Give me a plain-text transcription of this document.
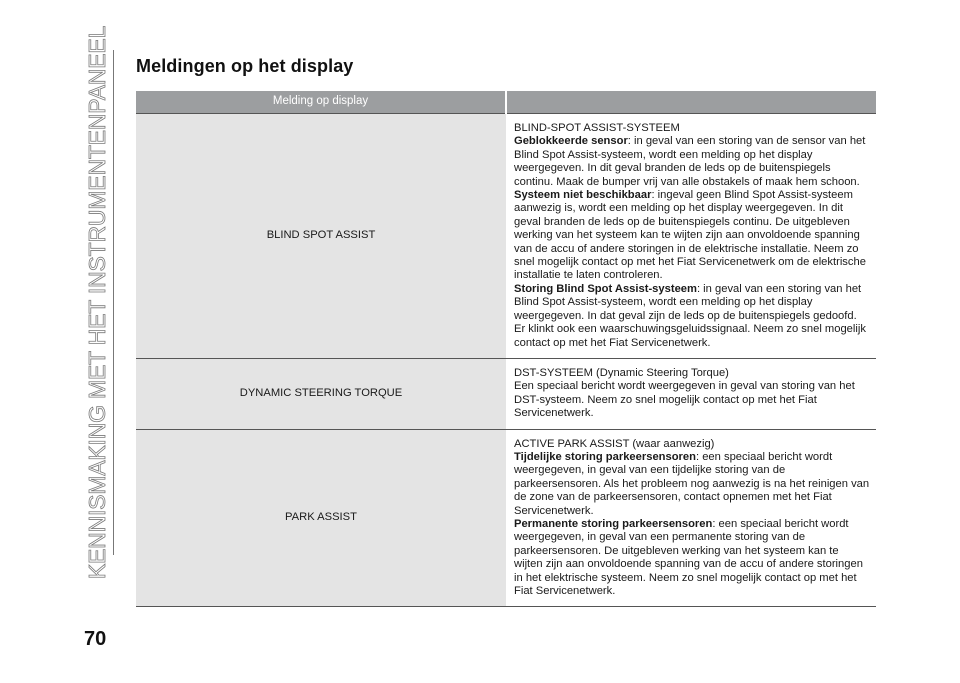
KENNISMAKING MET HET INSTRUMENTENPANEEL Meldingen op het display
Melding op display	
BLIND SPOT ASSIST	BLIND-SPOT ASSIST-SYSTEEM
Geblokkeerde sensor: in geval van een storing van de sensor van het Blind Spot Assist-systeem, wordt een melding op het display weergegeven. In dit geval branden de leds op de buitenspiegels continu. Maak de bumper vrij van alle obstakels of maak hem schoon.
Systeem niet beschikbaar: ingeval geen Blind Spot Assist-systeem aanwezig is, wordt een melding op het display weergegeven. In dit geval branden de leds op de buitenspiegels continu. De uitgebleven werking van het systeem kan te wijten zijn aan onvoldoende spanning van de accu of andere storingen in de elektrische installatie. Neem zo snel mogelijk contact op met het Fiat Servicenetwerk om de elektrische installatie te laten controleren.
Storing Blind Spot Assist-systeem: in geval van een storing van het Blind Spot Assist-systeem, wordt een melding op het display weergegeven. In dat geval zijn de leds op de buitenspiegels gedoofd. Er klinkt ook een waarschuwingsgeluidssignaal. Neem zo snel mogelijk contact op met het Fiat Servicenetwerk.

DYNAMIC STEERING TORQUE	DST-SYSTEEM (Dynamic Steering Torque)
Een speciaal bericht wordt weergegeven in geval van storing van het DST-systeem. Neem zo snel mogelijk contact op met het Fiat Servicenetwerk.

PARK ASSIST	ACTIVE PARK ASSIST (waar aanwezig)
Tijdelijke storing parkeersensoren: een speciaal bericht wordt weergegeven, in geval van een tijdelijke storing van de parkeersensoren. Als het probleem nog aanwezig is na het reinigen van de zone van de parkeersensoren, contact opnemen met het Fiat Servicenetwerk.
Permanente storing parkeersensoren: een speciaal bericht wordt weergegeven, in geval van een permanente storing van de parkeersensoren. De uitgebleven werking van het systeem kan te wijten zijn aan onvoldoende spanning van de accu of andere storingen in het elektrische systeem. Neem zo snel mogelijk contact op met het Fiat Servicenetwerk.
70
